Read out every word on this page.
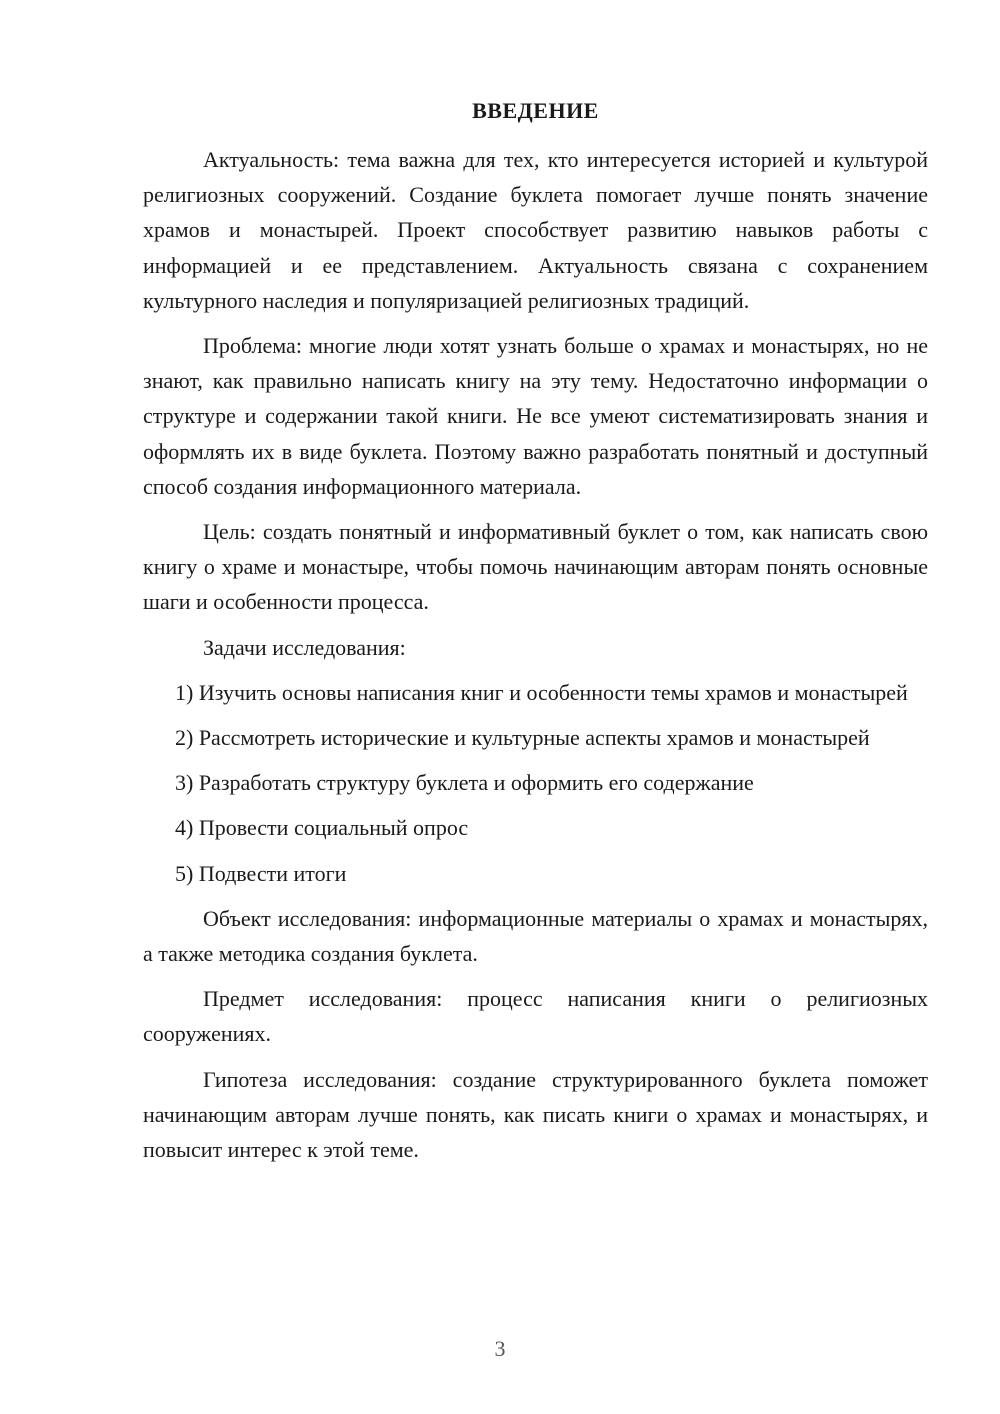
ВВЕДЕНИЕ

Актуальность: тема важна для тех, кто интересуется историей и культурой религиозных сооружений. Создание буклета помогает лучше понять значение храмов и монастырей. Проект способствует развитию навыков работы с информацией и ее представлением. Актуальность связана с сохранением культурного наследия и популяризацией религиозных традиций.

Проблема: многие люди хотят узнать больше о храмах и монастырях, но не знают, как правильно написать книгу на эту тему. Недостаточно информации о структуре и содержании такой книги. Не все умеют систематизировать знания и оформлять их в виде буклета. Поэтому важно разработать понятный и доступный способ создания информационного материала.

Цель: создать понятный и информативный буклет о том, как написать свою книгу о храме и монастыре, чтобы помочь начинающим авторам понять основные шаги и особенности процесса.

Задачи исследования:

1) Изучить основы написания книг и особенности темы храмов и монастырей

2) Рассмотреть исторические и культурные аспекты храмов и монастырей

3) Разработать структуру буклета и оформить его содержание

4) Провести социальный опрос

5) Подвести итоги

Объект исследования: информационные материалы о храмах и монастырях, а также методика создания буклета.

Предмет исследования: процесс написания книги о религиозных сооружениях.

Гипотеза исследования: создание структурированного буклета поможет начинающим авторам лучше понять, как писать книги о храмах и монастырях, и повысит интерес к этой теме.

3
